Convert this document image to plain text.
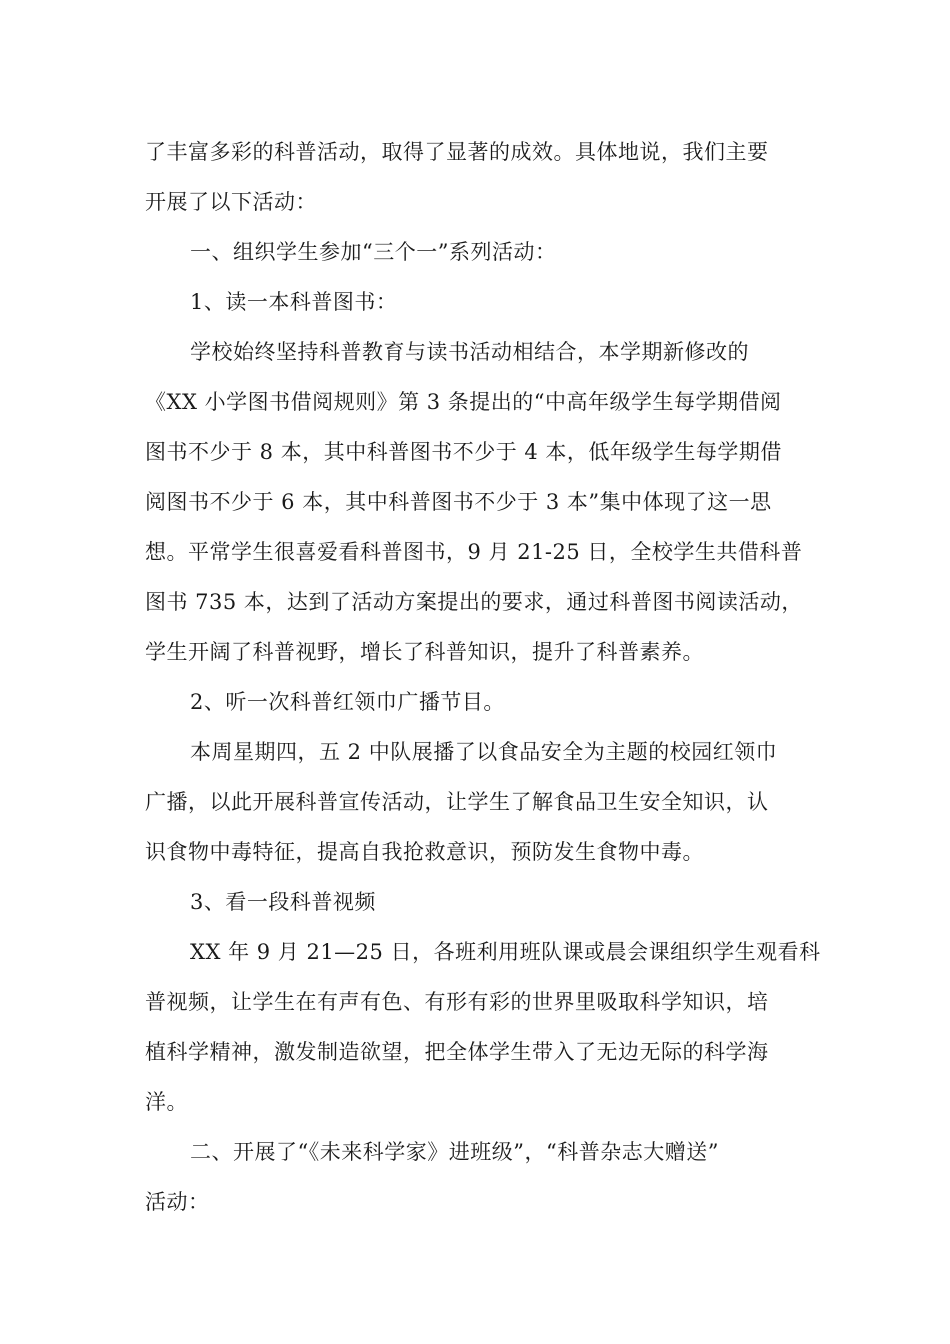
了丰富多彩的科普活动，取得了显著的成效。具体地说，我们主要
开展了以下活动：
一、组织学生参加“三个一”系列活动：
1、读一本科普图书：
学校始终坚持科普教育与读书活动相结合，本学期新修改的
《XX 小学图书借阅规则》第 3 条提出的“中高年级学生每学期借阅
图书不少于 8 本，其中科普图书不少于 4 本，低年级学生每学期借
阅图书不少于 6 本，其中科普图书不少于 3 本”集中体现了这一思
想。平常学生很喜爱看科普图书，9 月 21-25 日，全校学生共借科普
图书 735 本，达到了活动方案提出的要求，通过科普图书阅读活动，
学生开阔了科普视野，增长了科普知识，提升了科普素养。
2、听一次科普红领巾广播节目。
本周星期四，五 2 中队展播了以食品安全为主题的校园红领巾
广播，以此开展科普宣传活动，让学生了解食品卫生安全知识，认
识食物中毒特征，提高自我抢救意识，预防发生食物中毒。
3、看一段科普视频
XX 年 9 月 21—25 日，各班利用班队课或晨会课组织学生观看科
普视频，让学生在有声有色、有形有彩的世界里吸取科学知识，培
植科学精神，激发制造欲望，把全体学生带入了无边无际的科学海
洋。
二、开展了“《未来科学家》进班级”，“科普杂志大赠送”
活动：
